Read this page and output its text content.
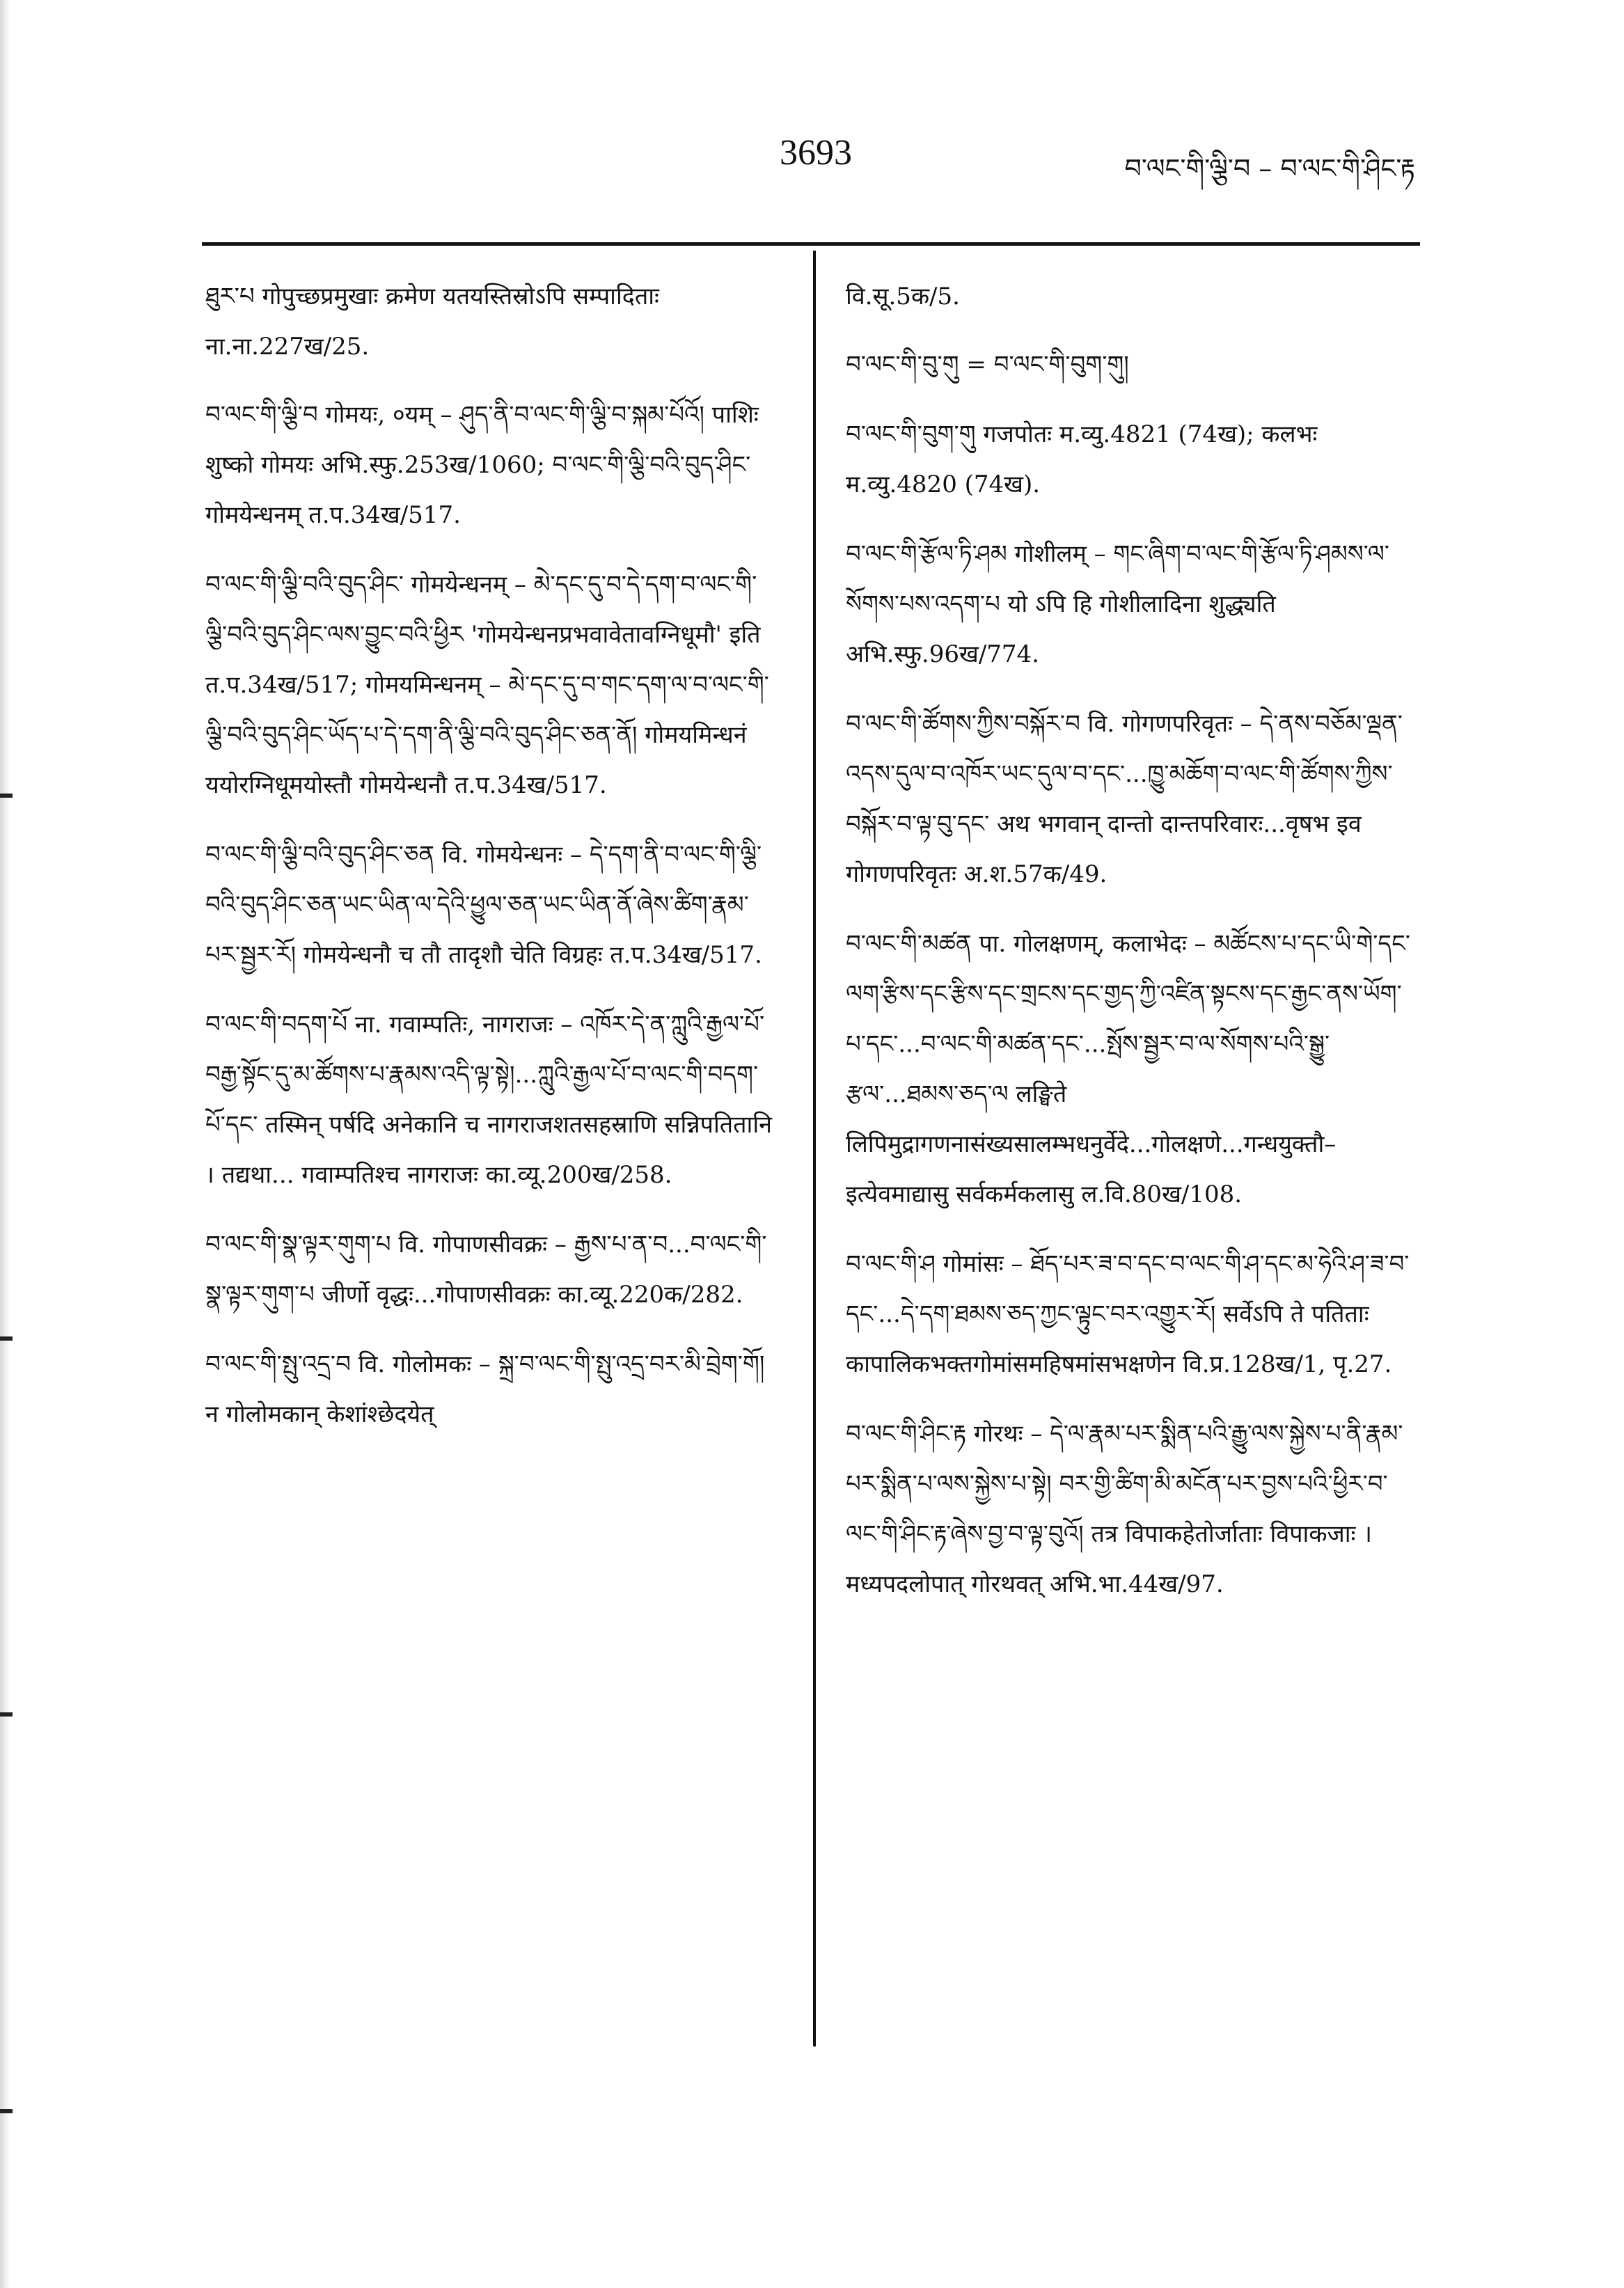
3693	བ་ལང་གི་ལྕི་བ – བ་ལང་གི་ཤིང་རྟ

ཐུར་པ गोपुच्छप्रमुखाः क्रमेण यतयस्तिस्रोऽपि सम्पादिताः ना.ना.227ख/25.

བ་ལང་གི་ལྕི་བ गोमयः, ०यम् – ཤུད་ནི་བ་ལང་གི་ལྕི་བ་སྐམ་པོའོ། पाशिः शुष्को गोमयः अभि.स्फु.253ख/1060; བ་ལང་གི་ལྕི་བའི་བུད་ཤིང་ गोमयेन्धनम् त.प.34ख/517.

བ་ལང་གི་ལྕི་བའི་བུད་ཤིང་ गोमयेन्धनम् – མེ་དང་དུ་བ་དེ་དག་བ་ལང་གི་ལྕི་བའི་བུད་ཤིང་ལས་བྱུང་བའི་ཕྱིར 'गोमयेन्धनप्रभवावेतावग्निधूमौ' इति त.प.34ख/517; गोमयमिन्धनम् – མེ་དང་དུ་བ་གང་དག་ལ་བ་ལང་གི་ལྕི་བའི་བུད་ཤིང་ཡོད་པ་དེ་དག་ནི་ལྕི་བའི་བུད་ཤིང་ཅན་ནོ། गोमयमिन्धनं ययोरग्निधूमयोस्तौ गोमयेन्धनौ त.प.34ख/517.

བ་ལང་གི་ལྕི་བའི་བུད་ཤིང་ཅན वि. गोमयेन्धनः – དེ་དག་ནི་བ་ལང་གི་ལྕི་བའི་བུད་ཤིང་ཅན་ཡང་ཡིན་ལ་དེའི་ཕྱུལ་ཅན་ཡང་ཡིན་ནོ་ཞེས་ཚིག་རྣམ་པར་སྦྱར་རོ། गोमयेन्धनौ च तौ तादृशौ चेति विग्रहः त.प.34ख/517.

བ་ལང་གི་བདག་པོ ना. गवाम्पतिः, नागराजः – འཁོར་དེ་ན་ཀླུའི་རྒྱལ་པོ་བརྒྱ་སྟོང་དུ་མ་ཚོགས་པ་རྣམས་འདི་ལྟ་སྟེ།...ཀླུའི་རྒྱལ་པོ་བ་ལང་གི་བདག་པོ་དང་ तस्मिन् पर्षदि अनेकानि च नागराजशतसहस्राणि सन्निपतितानि । तद्यथा... गवाम्पतिश्च नागराजः का.व्यू.200ख/258.

བ་ལང་གི་སྣ་ལྟར་གུག་པ वि. गोपाणसीवक्रः – རྒྱས་པ་ན་བ...བ་ལང་གི་སྣ་ལྟར་གུག་པ जीर्णो वृद्धः...गोपाणसीवक्रः का.व्यू.220क/282.

བ་ལང་གི་སྤུ་འདྲ་བ वि. गोलोमकः – སྐྲ་བ་ལང་གི་སྤུ་འདྲ་བར་མི་བྲེག་གོ། न गोलोमकान् केशांश्छेदयेत्

वि.सू.5क/5.

བ་ལང་གི་བུ་གུ = བ་ལང་གི་བུག་གུ།

བ་ལང་གི་བུག་གུ गजपोतः म.व्यु.4821 (74ख); कलभः म.व्यु.4820 (74ख).

བ་ལང་གི་རྩོལ་ཏི་ཤམ गोशीलम् – གང་ཞིག་བ་ལང་གི་རྩོལ་ཏི་ཤམས་ལ་སོགས་པས་འདག་པ यो ऽपि हि गोशीलादिना शुद्ध्यति अभि.स्फु.96ख/774.

བ་ལང་གི་ཚོགས་ཀྱིས་བསྐོར་བ वि. गोगणपरिवृतः – དེ་ནས་བཅོམ་ལྡན་འདས་དུལ་བ་འཁོར་ཡང་དུལ་བ་དང་...ཁྱུ་མཆོག་བ་ལང་གི་ཚོགས་ཀྱིས་བསྐོར་བ་ལྟ་བུ་དང་ अथ भगवान् दान्तो दान्तपरिवारः...वृषभ इव गोगणपरिवृतः अ.श.57क/49.

བ་ལང་གི་མཚན पा. गोलक्षणम्, कलाभेदः – མཚོངས་པ་དང་ཡི་གེ་དང་ལག་རྩིས་དང་རྩིས་དང་གྲངས་དང་གྱད་ཀྱི་འཛིན་སྟངས་དང་རྒྱང་ནས་ཡོག་པ་དང་...བ་ལང་གི་མཚན་དང་...སྤོས་སྦྱར་བ་ལ་སོགས་པའི་སྒྱུ་རྩལ་...ཐམས་ཅད་ལ लङ्घिते लिपिमुद्रागणनासंख्यसालम्भधनुर्वेदे...गोलक्षणे...गन्धयुक्तौ–इत्येवमाद्यासु सर्वकर्मकलासु ल.वि.80ख/108.

བ་ལང་གི་ཤ गोमांसः – ཐོད་པར་ཟ་བ་དང་བ་ལང་གི་ཤ་དང་མ་ཧེའི་ཤ་ཟ་བ་དང་...དེ་དག་ཐམས་ཅད་ཀྱང་ལྟུང་བར་འགྱུར་རོ། सर्वेऽपि ते पतिताः कापालिकभक्तगोमांसमहिषमांसभक्षणेन वि.प्र.128ख/1, पृ.27.

བ་ལང་གི་ཤིང་རྟ गोरथः – དེ་ལ་རྣམ་པར་སྨིན་པའི་རྒྱུ་ལས་སྐྱེས་པ་ནི་རྣམ་པར་སྨིན་པ་ལས་སྐྱེས་པ་སྟེ། བར་གྱི་ཚིག་མི་མངོན་པར་བྱས་པའི་ཕྱིར་བ་ལང་གི་ཤིང་རྟ་ཞེས་བྱ་བ་ལྟ་བུའོ། तत्र विपाकहेतोर्जाताः विपाकजाः । मध्यपदलोपात् गोरथवत् अभि.भा.44ख/97.
